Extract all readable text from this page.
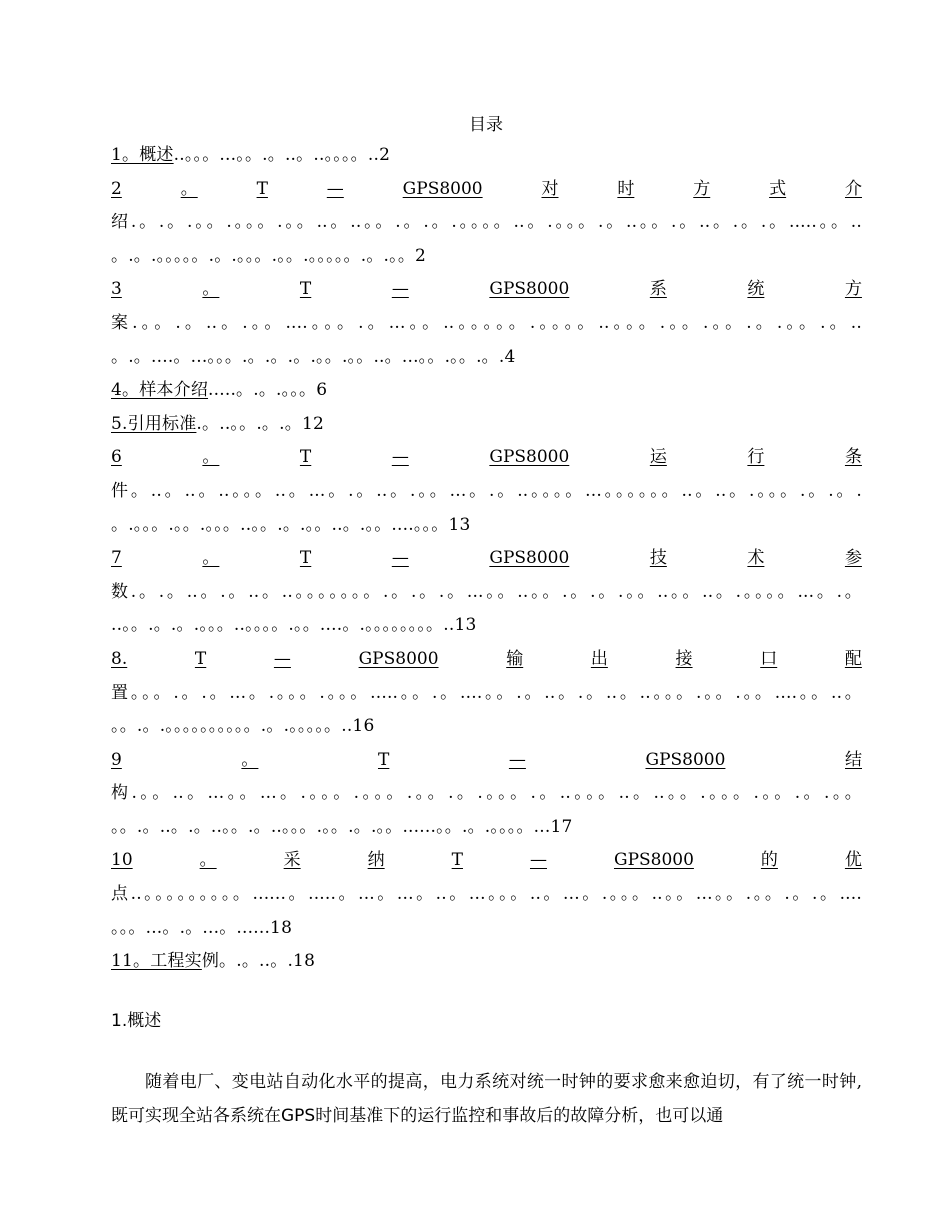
目录
1。概述..。。。...。。.。..。..。。。。..2
2	。	T	—	GPS8000	对	时	方	式	介
绍.。.。.。。.。。。.。。..。..。。.。.。.。。。。..。.。。。.。..。。.。..。.。.。.....。。..
。.。.。。。。。.。.。。。.。。.。。。。。.。.。。2
3	。	T	—	GPS8000	系	统	方
案.。。.。..。.。。....。。。.。...。。..。。。。。.。。。。..。。。.。。.。。.。.。。.。..
。.。....。...。。。.。.。.。.。。.。。..。...。。.。。.。.4
4。样本介绍.....。.。.。。。6
5.引用标准.。..。。.。.。12
6	。	T	—	GPS8000	运	行	条
件。..。..。..。。。..。...。.。..。.。。...。.。..。。。。...。。。。。。..。..。.。。。.。.。.
。.。。。.。。.。。。..。。.。.。。..。.。。....。。。13
7	。	T	—	GPS8000	技	术	参
数.。.。..。.。..。..。。。。。。。.。.。.。...。。..。。.。.。.。。..。。..。.。。。。...。.。
..。。.。.。.。。。..。。。。.。。....。.。。。。。。。。..13
8.	T	—	GPS8000	输	出	接	口	配
置。。。.。.。...。.。。。.。。。.....。。.。....。。.。..。.。..。..。。。.。。.。。....。。..。
。。.。.。。。。。。。。。。.。.。。。。。..16
9	。	T	—	GPS8000	结
构.。。..。...。。...。.。。。.。。。.。。.。.。。。.。..。。。..。..。。.。。。.。。.。.。。
。。.。..。.。..。。.。..。。。.。。.。.。。......。。.。.。。。。...17
10	。	采	纳	T	—	GPS8000	的	优
点..。。。。。。。。。......。.....。...。...。..。...。。。..。...。.。。。..。。...。。.。。.。.。....
。。。...。.。...。......18
11。工程实例。.。..。.18
1.概述
随着电厂、变电站自动化水平的提高，电力系统对统一时钟的要求愈来愈迫切，有了统一时钟,既可实现全站各系统在GPS时间基准下的运行监控和事故后的故障分析，也可以通
